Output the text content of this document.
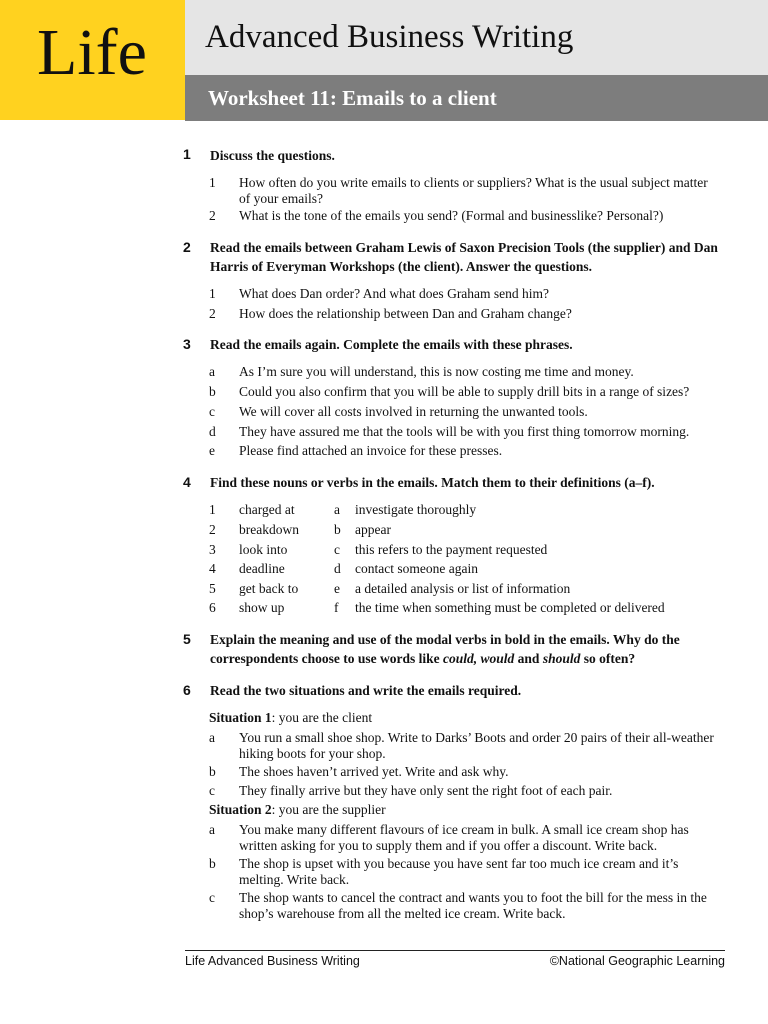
Life Advanced Business Writing
Worksheet 11: Emails to a client
1 Discuss the questions.
1 How often do you write emails to clients or suppliers? What is the usual subject matter of your emails?
2 What is the tone of the emails you send? (Formal and businesslike? Personal?)
2 Read the emails between Graham Lewis of Saxon Precision Tools (the supplier) and Dan Harris of Everyman Workshops (the client). Answer the questions.
1 What does Dan order? And what does Graham send him?
2 How does the relationship between Dan and Graham change?
3 Read the emails again. Complete the emails with these phrases.
a As I’m sure you will understand, this is now costing me time and money.
b Could you also confirm that you will be able to supply drill bits in a range of sizes?
c We will cover all costs involved in returning the unwanted tools.
d They have assured me that the tools will be with you first thing tomorrow morning.
e Please find attached an invoice for these presses.
4 Find these nouns or verbs in the emails. Match them to their definitions (a–f).
1 charged at	a investigate thoroughly
2 breakdown	b appear
3 look into	c this refers to the payment requested
4 deadline	d contact someone again
5 get back to	e a detailed analysis or list of information
6 show up	f the time when something must be completed or delivered
5 Explain the meaning and use of the modal verbs in bold in the emails. Why do the correspondents choose to use words like could, would and should so often?
6 Read the two situations and write the emails required.
Situation 1: you are the client
a You run a small shoe shop. Write to Darks’ Boots and order 20 pairs of their all-weather hiking boots for your shop.
b The shoes haven’t arrived yet. Write and ask why.
c They finally arrive but they have only sent the right foot of each pair.
Situation 2: you are the supplier
a You make many different flavours of ice cream in bulk. A small ice cream shop has written asking for you to supply them and if you offer a discount. Write back.
b The shop is upset with you because you have sent far too much ice cream and it’s melting. Write back.
c The shop wants to cancel the contract and wants you to foot the bill for the mess in the shop’s warehouse from all the melted ice cream. Write back.
Life Advanced Business Writing	©National Geographic Learning
